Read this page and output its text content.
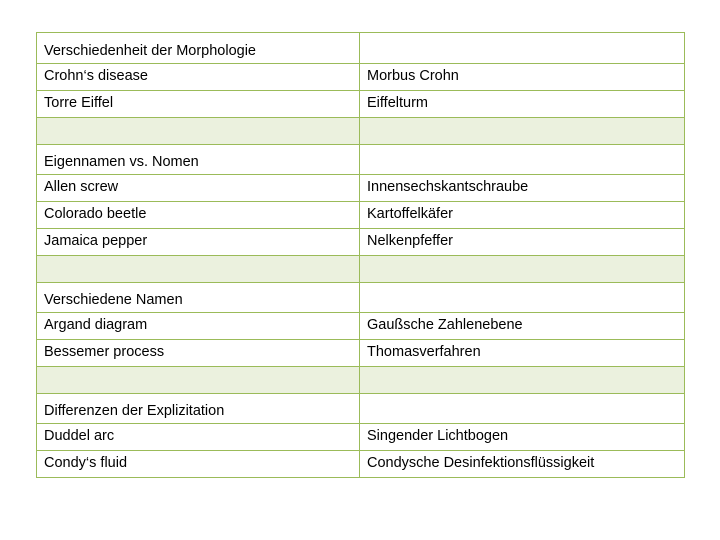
Verschiedenheit der Morphologie	
Crohn‘s disease	Morbus Crohn
Torre Eiffel	Eiffelturm

Eigennamen vs. Nomen	
Allen screw	Innensechskantschraube
Colorado beetle	Kartoffelkäfer
Jamaica pepper	Nelkenpfeffer

Verschiedene Namen	
Argand diagram	Gaußsche Zahlenebene
Bessemer process	Thomasverfahren

Differenzen der Explizitation	
Duddel arc	Singender Lichtbogen
Condy‘s fluid	Condysche Desinfektionsflüssigkeit
